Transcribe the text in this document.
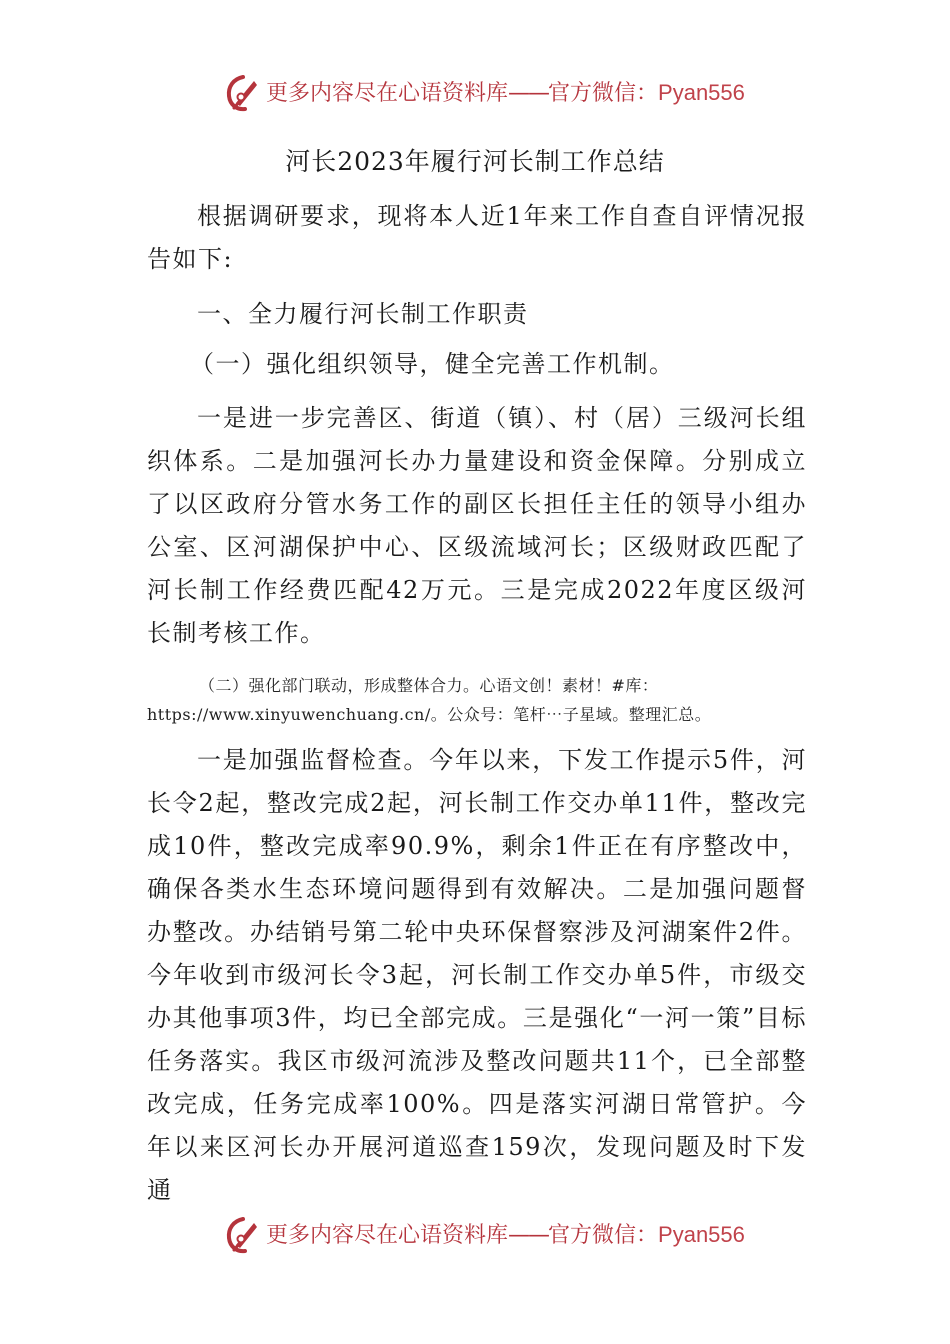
更多内容尽在心语资料库——官方微信：Pyan556
河长2023年履行河长制工作总结
根据调研要求，现将本人近1年来工作自查自评情况报告如下:
一、全力履行河长制工作职责
（一）强化组织领导，健全完善工作机制。
一是进一步完善区、街道（镇）、村（居）三级河长组织体系。二是加强河长办力量建设和资金保障。分别成立了以区政府分管水务工作的副区长担任主任的领导小组办公室、区河湖保护中心、区级流域河长；区级财政匹配了河长制工作经费匹配42万元。三是完成2022年度区级河长制考核工作。
（二）强化部门联动，形成整体合力。心语文创！素材！#库：https://www.xinyuwenchuang.cn/。公众号：笔杆⋯子星域。整理汇总。
一是加强监督检查。今年以来，下发工作提示5件，河长令2起，整改完成2起，河长制工作交办单11件，整改完成10件，整改完成率90.9%，剩余1件正在有序整改中，确保各类水生态环境问题得到有效解决。二是加强问题督办整改。办结销号第二轮中央环保督察涉及河湖案件2件。今年收到市级河长令3起，河长制工作交办单5件，市级交办其他事项3件，均已全部完成。三是强化“一河一策”目标任务落实。我区市级河流涉及整改问题共11个，已全部整改完成，任务完成率100%。四是落实河湖日常管护。今年以来区河长办开展河道巡查159次，发现问题及时下发通
更多内容尽在心语资料库——官方微信：Pyan556
